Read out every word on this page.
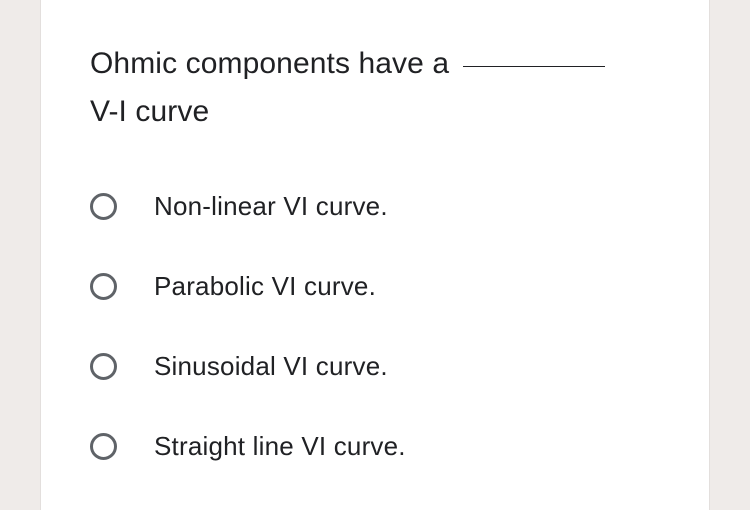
Ohmic components have a
V-I curve
Non-linear VI curve.
Parabolic VI curve.
Sinusoidal VI curve.
Straight line VI curve.
